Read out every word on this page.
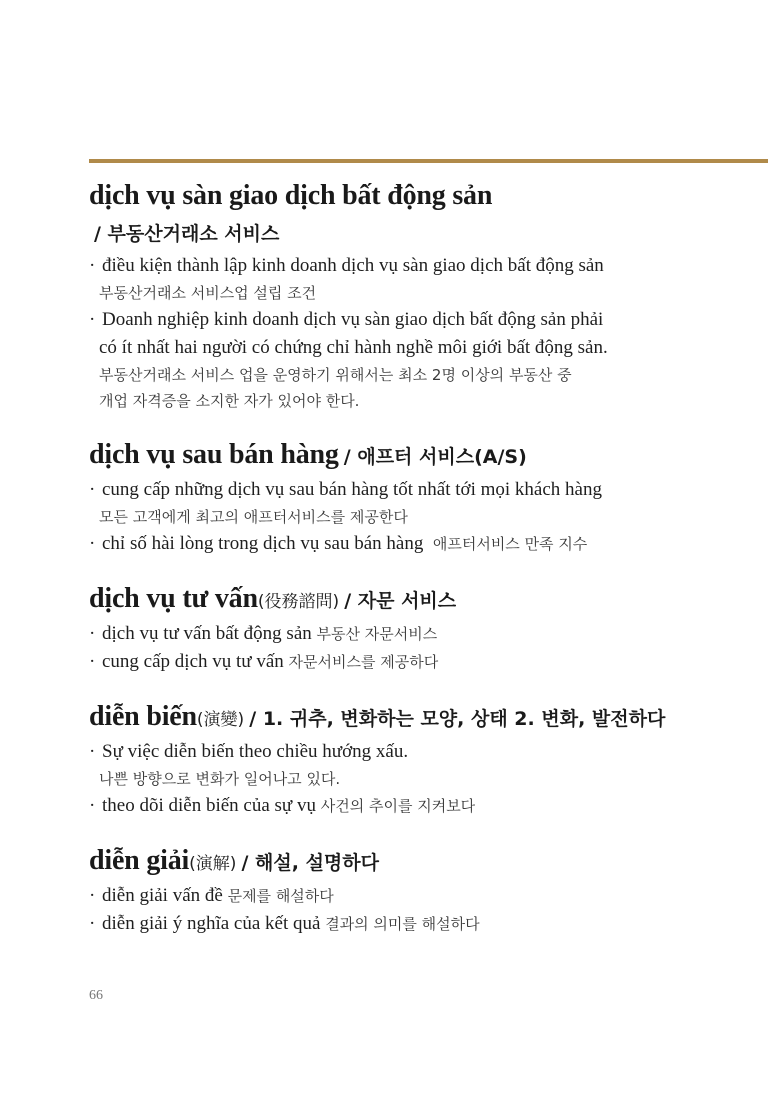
dịch vụ sàn giao dịch bất động sản
/ 부동산거래소 서비스
· điều kiện thành lập kinh doanh dịch vụ sàn giao dịch bất động sản
부동산거래소 서비스업 설립 조건
· Doanh nghiệp kinh doanh dịch vụ sàn giao dịch bất động sản phải
có ít nhất hai người có chứng chỉ hành nghề môi giới bất động sản.
부동산거래소 서비스 업을 운영하기 위해서는 최소 2명 이상의 부동산 중
개업 자격증을 소지한 자가 있어야 한다.
dịch vụ sau bán hàng / 애프터 서비스(A/S)
· cung cấp những dịch vụ sau bán hàng tốt nhất tới mọi khách hàng
모든 고객에게 최고의 애프터서비스를 제공한다
· chỉ số hài lòng trong dịch vụ sau bán hàng 애프터서비스 만족 지수
dịch vụ tư vấn(役務諮問) / 자문 서비스
· dịch vụ tư vấn bất động sản 부동산 자문서비스
· cung cấp dịch vụ tư vấn 자문서비스를 제공하다
diễn biến(演變) / 1. 귀추, 변화하는 모양, 상태 2. 변화, 발전하다
· Sự việc diễn biến theo chiều hướng xấu.
나쁜 방향으로 변화가 일어나고 있다.
· theo dõi diễn biến của sự vụ 사건의 추이를 지켜보다
diễn giải(演解) / 해설, 설명하다
· diễn giải vấn đề 문제를 해설하다
· diễn giải ý nghĩa của kết quả 결과의 의미를 해설하다
66
